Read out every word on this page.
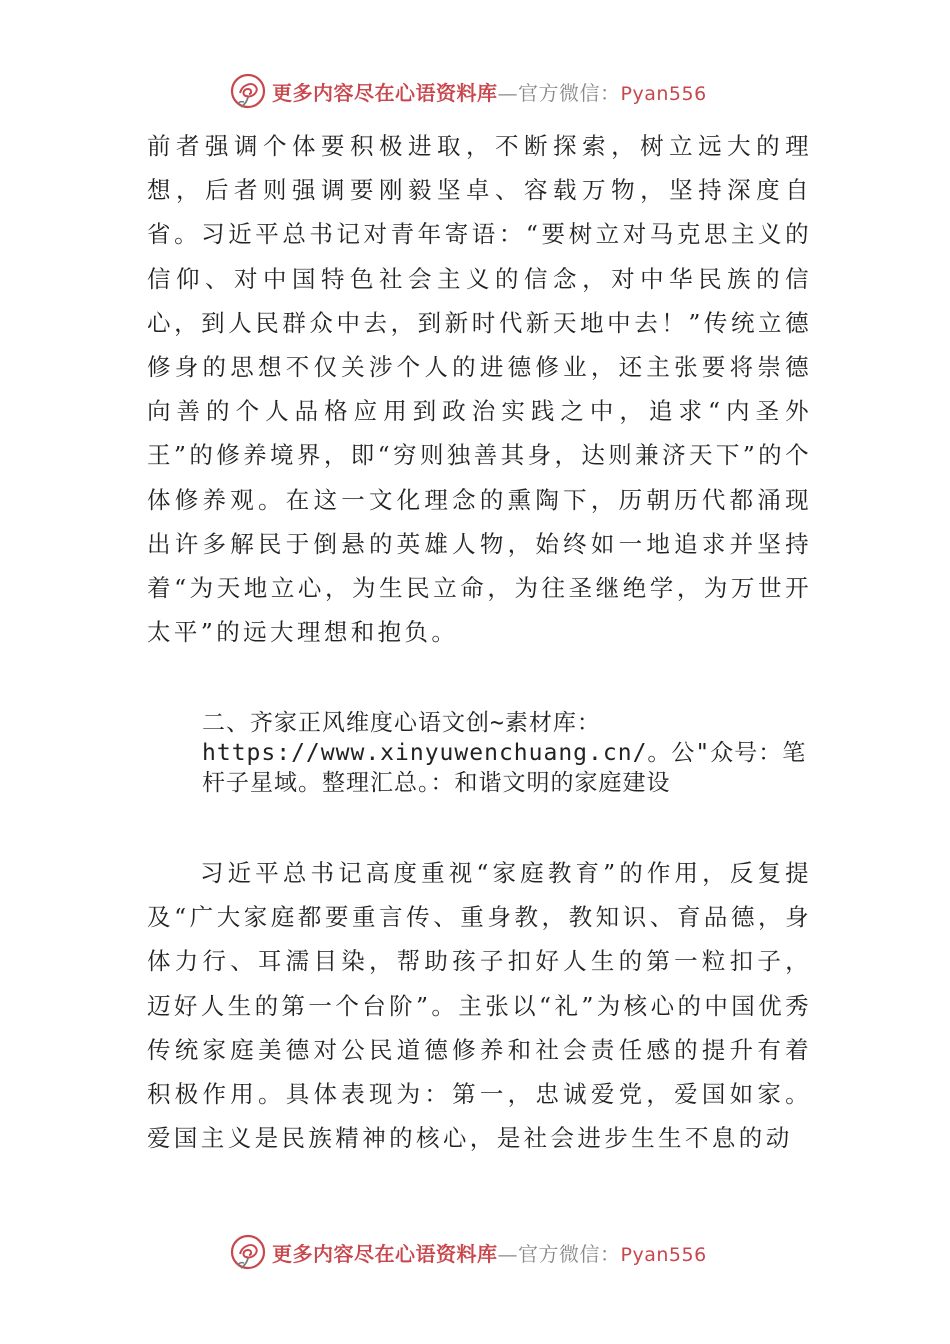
更多内容尽在心语资料库—官方微信：Pyan556

前者强调个体要积极进取，不断探索，树立远大的理想，后者则强调要刚毅坚卓、容载万物，坚持深度自省。习近平总书记对青年寄语：“要树立对马克思主义的信仰、对中国特色社会主义的信念，对中华民族的信心，到人民群众中去，到新时代新天地中去！”传统立德修身的思想不仅关涉个人的进德修业，还主张要将崇德向善的个人品格应用到政治实践之中，追求“内圣外王”的修养境界，即“穷则独善其身，达则兼济天下”的个体修养观。在这一文化理念的熏陶下，历朝历代都涌现出许多解民于倒悬的英雄人物，始终如一地追求并坚持着“为天地立心，为生民立命，为往圣继绝学，为万世开太平”的远大理想和抱负。

二、齐家正风维度心语文创~素材库：https://www.xinyuwenchuang.cn/。公"众号：笔杆子星域。整理汇总。：和谐文明的家庭建设

习近平总书记高度重视“家庭教育”的作用，反复提及“广大家庭都要重言传、重身教，教知识、育品德，身体力行、耳濡目染，帮助孩子扣好人生的第一粒扣子，迈好人生的第一个台阶”。主张以“礼”为核心的中国优秀传统家庭美德对公民道德修养和社会责任感的提升有着积极作用。具体表现为：第一，忠诚爱党，爱国如家。爱国主义是民族精神的核心，是社会进步生生不息的动

更多内容尽在心语资料库—官方微信：Pyan556
